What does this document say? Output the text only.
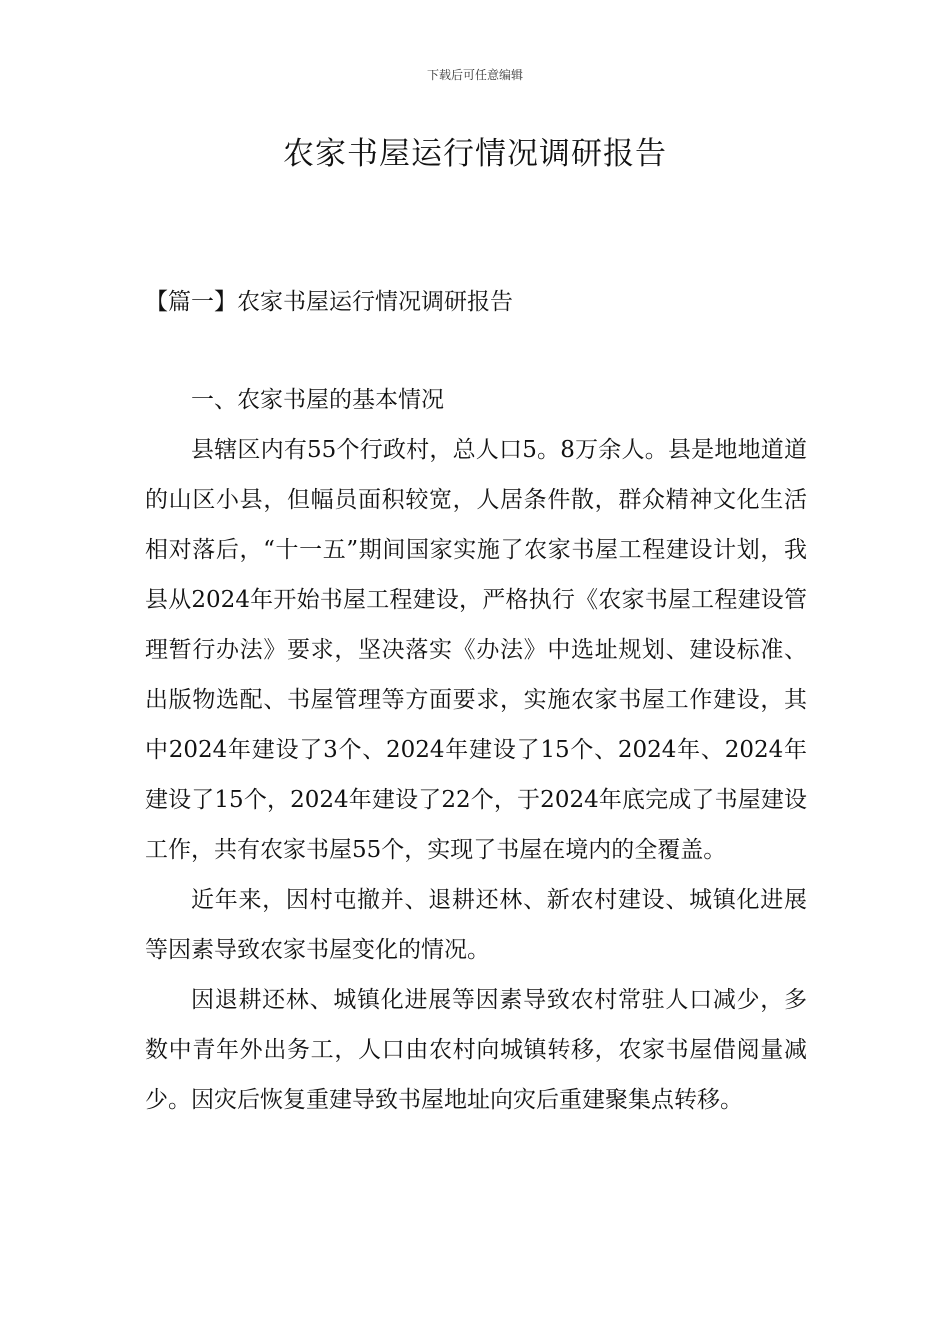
下载后可任意编辑
农家书屋运行情况调研报告
【篇一】农家书屋运行情况调研报告

一、农家书屋的基本情况

县辖区内有55个行政村，总人口5。8万余人。县是地地道道的山区小县，但幅员面积较宽，人居条件散，群众精神文化生活相对落后，“十一五”期间国家实施了农家书屋工程建设计划，我县从2024年开始书屋工程建设，严格执行《农家书屋工程建设管理暂行办法》要求，坚决落实《办法》中选址规划、建设标准、出版物选配、书屋管理等方面要求，实施农家书屋工作建设，其中2024年建设了3个、2024年建设了15个、2024年、2024年建设了15个，2024年建设了22个，于2024年底完成了书屋建设工作，共有农家书屋55个，实现了书屋在境内的全覆盖。

近年来，因村屯撤并、退耕还林、新农村建设、城镇化进展等因素导致农家书屋变化的情况。

因退耕还林、城镇化进展等因素导致农村常驻人口减少，多数中青年外出务工，人口由农村向城镇转移，农家书屋借阅量减少。因灾后恢复重建导致书屋地址向灾后重建聚集点转移。
